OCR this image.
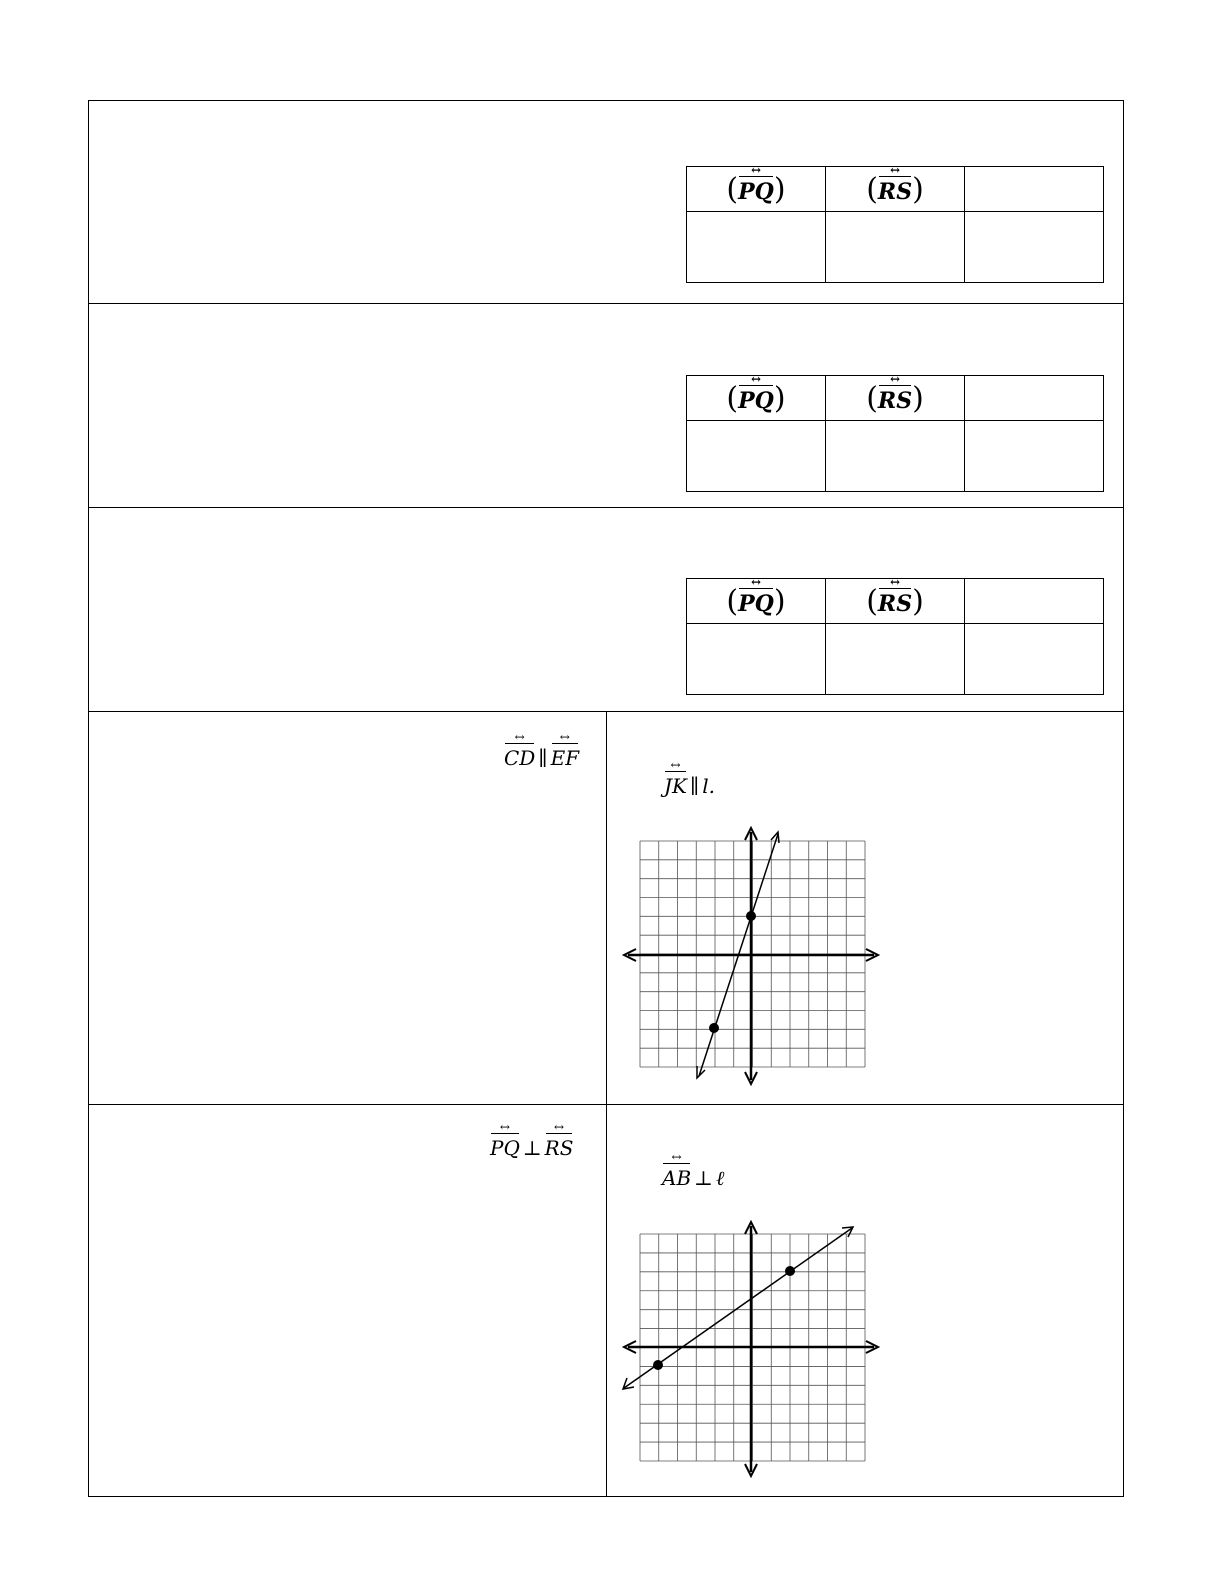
(PQ ↔)	(RS ↔)	

(PQ ↔)	(RS ↔)	

(PQ ↔)	(RS ↔)	

CD ↔ ∥ EF ↔
JK ↔ ∥ l.
PQ ↔ ⊥ RS ↔
AB ↔ ⊥ ℓ
